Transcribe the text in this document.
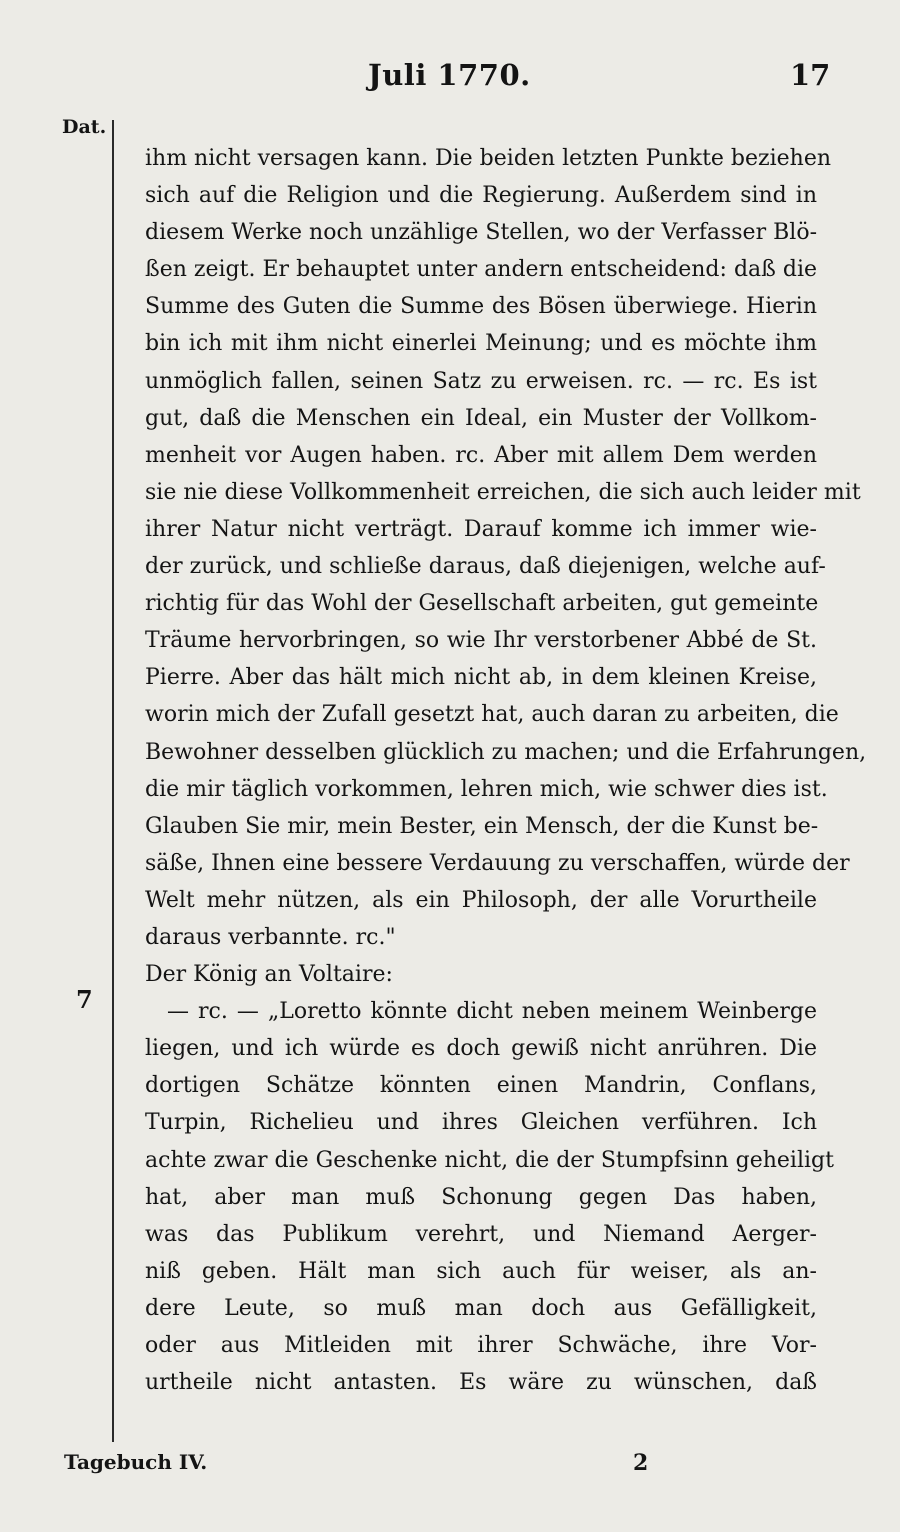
Juli 1770.	17
Dat.
7
ihm nicht versagen kann. Die beiden letzten Punkte beziehen
sich auf die Religion und die Regierung. Außerdem sind in
diesem Werke noch unzählige Stellen, wo der Verfasser Blö-
ßen zeigt. Er behauptet unter andern entscheidend: daß die
Summe des Guten die Summe des Bösen überwiege. Hierin
bin ich mit ihm nicht einerlei Meinung; und es möchte ihm
unmöglich fallen, seinen Satz zu erweisen. rc. — rc. Es ist
gut, daß die Menschen ein Ideal, ein Muster der Vollkom-
menheit vor Augen haben. rc. Aber mit allem Dem werden
sie nie diese Vollkommenheit erreichen, die sich auch leider mit
ihrer Natur nicht verträgt. Darauf komme ich immer wie-
der zurück, und schließe daraus, daß diejenigen, welche auf-
richtig für das Wohl der Gesellschaft arbeiten, gut gemeinte
Träume hervorbringen, so wie Ihr verstorbener Abbé de St.
Pierre. Aber das hält mich nicht ab, in dem kleinen Kreise,
worin mich der Zufall gesetzt hat, auch daran zu arbeiten, die
Bewohner desselben glücklich zu machen; und die Erfahrungen,
die mir täglich vorkommen, lehren mich, wie schwer dies ist.
Glauben Sie mir, mein Bester, ein Mensch, der die Kunst be-
säße, Ihnen eine bessere Verdauung zu verschaffen, würde der
Welt mehr nützen, als ein Philosoph, der alle Vorurtheile
daraus verbannte. rc."
Der König an Voltaire:
— rc. — „Loretto könnte dicht neben meinem Weinberge
liegen, und ich würde es doch gewiß nicht anrühren. Die
dortigen Schätze könnten einen Mandrin, Conflans,
Turpin, Richelieu und ihres Gleichen verführen. Ich
achte zwar die Geschenke nicht, die der Stumpfsinn geheiligt
hat, aber man muß Schonung gegen Das haben,
was das Publikum verehrt, und Niemand Aerger-
niß geben. Hält man sich auch für weiser, als an-
dere Leute, so muß man doch aus Gefälligkeit,
oder aus Mitleiden mit ihrer Schwäche, ihre Vor-
urtheile nicht antasten. Es wäre zu wünschen, daß
Tagebuch IV.	2
